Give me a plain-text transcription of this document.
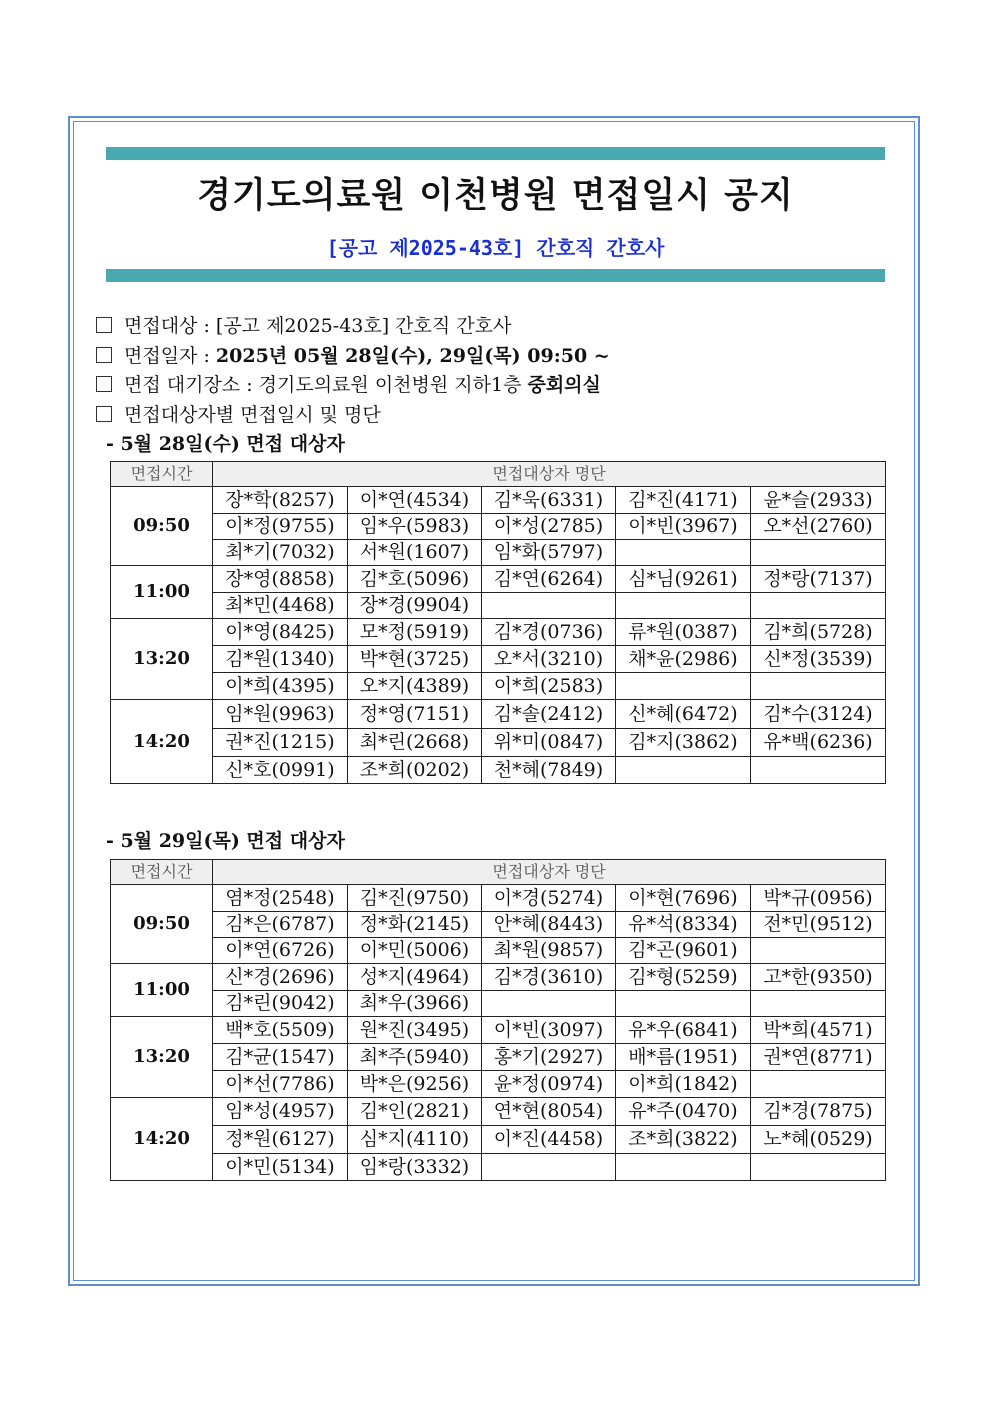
경기도의료원 이천병원 면접일시 공지
[공고 제2025-43호] 간호직 간호사
면접대상 : [공고 제2025-43호] 간호직 간호사
면접일자 : 2025년 05월 28일(수), 29일(목) 09:50 ~
면접 대기장소 : 경기도의료원 이천병원 지하1층 중회의실
면접대상자별 면접일시 및 명단
- 5월 28일(수) 면접 대상자
면접시간	면접대상자 명단				
09:50	장*학(8257)	이*연(4534)	김*욱(6331)	김*진(4171)	윤*슬(2933)
	이*정(9755)	임*우(5983)	이*성(2785)	이*빈(3967)	오*선(2760)
	최*기(7032)	서*원(1607)	임*화(5797)		
11:00	장*영(8858)	김*호(5096)	김*연(6264)	심*님(9261)	정*랑(7137)
	최*민(4468)	장*경(9904)			
13:20	이*영(8425)	모*정(5919)	김*경(0736)	류*원(0387)	김*희(5728)
	김*원(1340)	박*현(3725)	오*서(3210)	채*윤(2986)	신*정(3539)
	이*희(4395)	오*지(4389)	이*희(2583)		
14:20	임*원(9963)	정*영(7151)	김*솔(2412)	신*혜(6472)	김*수(3124)
	권*진(1215)	최*린(2668)	위*미(0847)	김*지(3862)	유*백(6236)
	신*호(0991)	조*희(0202)	천*혜(7849)		
- 5월 29일(목) 면접 대상자
면접시간	면접대상자 명단				
09:50	염*정(2548)	김*진(9750)	이*경(5274)	이*현(7696)	박*규(0956)
	김*은(6787)	정*화(2145)	안*혜(8443)	유*석(8334)	전*민(9512)
	이*연(6726)	이*민(5006)	최*원(9857)	김*곤(9601)	
11:00	신*경(2696)	성*지(4964)	김*경(3610)	김*형(5259)	고*한(9350)
	김*린(9042)	최*우(3966)			
13:20	백*호(5509)	원*진(3495)	이*빈(3097)	유*우(6841)	박*희(4571)
	김*균(1547)	최*주(5940)	홍*기(2927)	배*름(1951)	권*연(8771)
	이*선(7786)	박*은(9256)	윤*정(0974)	이*희(1842)	
14:20	임*성(4957)	김*인(2821)	연*현(8054)	유*주(0470)	김*경(7875)
	정*원(6127)	심*지(4110)	이*진(4458)	조*희(3822)	노*혜(0529)
	이*민(5134)	임*랑(3332)			
